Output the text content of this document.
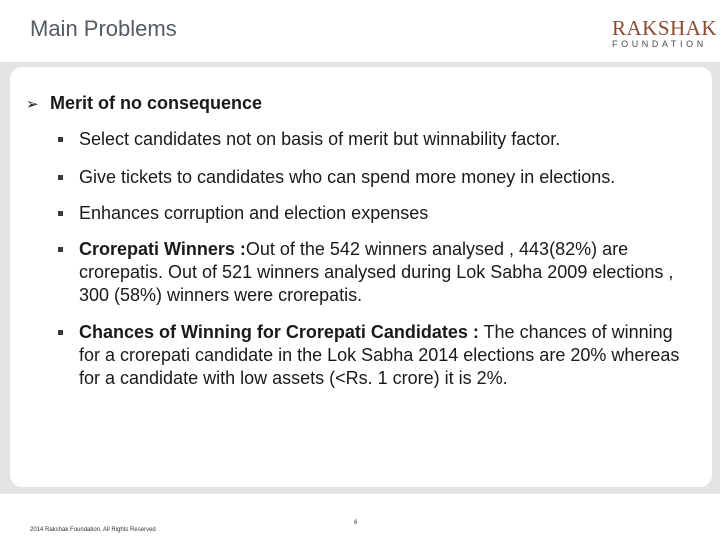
Main Problems	RAKSHAK
FOUNDATION
➢ Merit of no consequence
Select candidates not on basis of merit but winnability factor.
Give tickets to candidates who can spend more money in elections.
Enhances corruption and election expenses
Crorepati Winners :Out of the 542 winners analysed , 443(82%) are crorepatis. Out of 521 winners analysed during Lok Sabha 2009 elections , 300 (58%) winners were crorepatis.
Chances of Winning for Crorepati Candidates : The chances of winning for a crorepati candidate in the Lok Sabha 2014 elections are 20% whereas for a candidate with low assets (<Rs. 1 crore) it is 2%.
2014 Rakshak Foundation. All Rights Reserved
6
